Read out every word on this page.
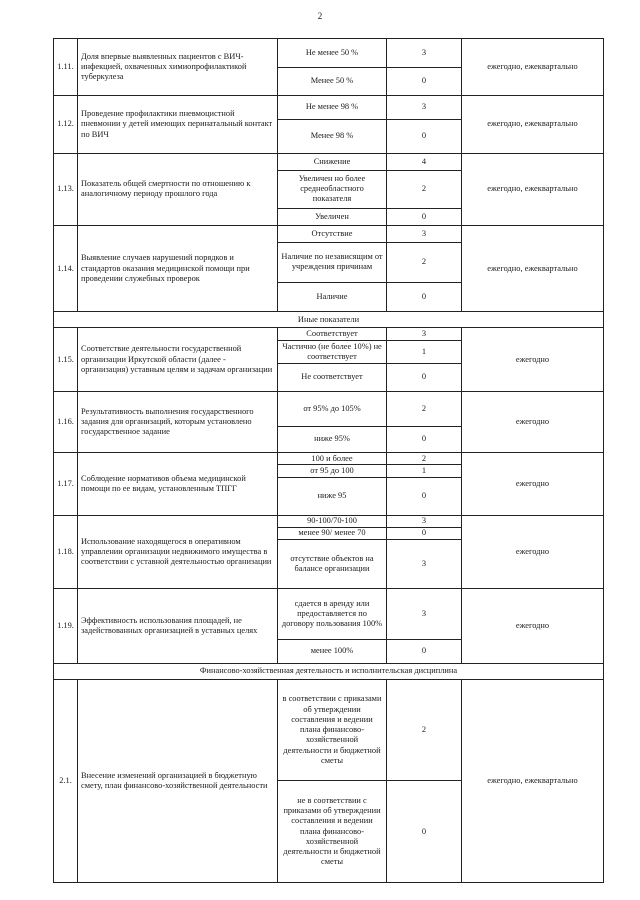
2
1.11.	Доля впервые выявленных пациентов с ВИЧ-инфекцией, охваченных химиопрофилактикой туберкулеза	Не менее 50 %	3	ежегодно, ежеквартально
		Менее 50 %	0	
1.12.	Проведение профилактики пневмоцистной пневмонии у детей имеющих перинатальный контакт по ВИЧ	Не менее 98 %	3	ежегодно, ежеквартально
		Менее 98 %	0	
1.13.	Показатель общей смертности по отношению к аналогичному периоду прошлого года	Снижение	4	ежегодно, ежеквартально
		Увеличен но более среднеобластного показателя	2	
		Увеличен	0	
1.14.	Выявление случаев нарушений порядков и стандартов оказания медицинской помощи при проведении служебных проверок	Отсутствие	3	ежегодно, ежеквартально
		Наличие по независящим от учреждения причинам	2	
		Наличие	0	
Иные показатели				
1.15.	Соответствие деятельности государственной организации Иркутской области (далее - организация) уставным целям и задачам организации	Соответствует	3	ежегодно
		Частично (не более 10%) не соответствует	1	
		Не соответствует	0	
1.16.	Результативность выполнения государственного задания для организаций, которым установлено государственное задание	от 95% до 105%	2	ежегодно
		ниже 95%	0	
1.17.	Соблюдение нормативов объема медицинской помощи по ее видам, установленным ТПГГ	100 и более	2	ежегодно
		от 95 до 100	1	
		ниже 95	0	
1.18.	Использование находящегося в оперативном управлении организации недвижимого имущества в соответствии с уставной деятельностью организации	90-100/70-100	3	ежегодно
		менее 90/ менее 70	0	
		отсутствие объектов на балансе организации	3	
1.19.	Эффективность использования площадей, не задействованных организацией в уставных целях	сдается в аренду или предоставляется по договору пользования 100%	3	ежегодно
		менее 100%	0	
Финансово-хозяйственная деятельность и исполнительская дисциплина				
2.1.	Внесение изменений организацией в бюджетную смету, план финансово-хозяйственной деятельности	в соответствии с приказами об утверждении составления и ведении плана финансово-хозяйственной деятельности и бюджетной сметы	2	ежегодно, ежеквартально
		не в соответствии с приказами об утверждении составления и ведении плана финансово-хозяйственной деятельности и бюджетной сметы	0	
